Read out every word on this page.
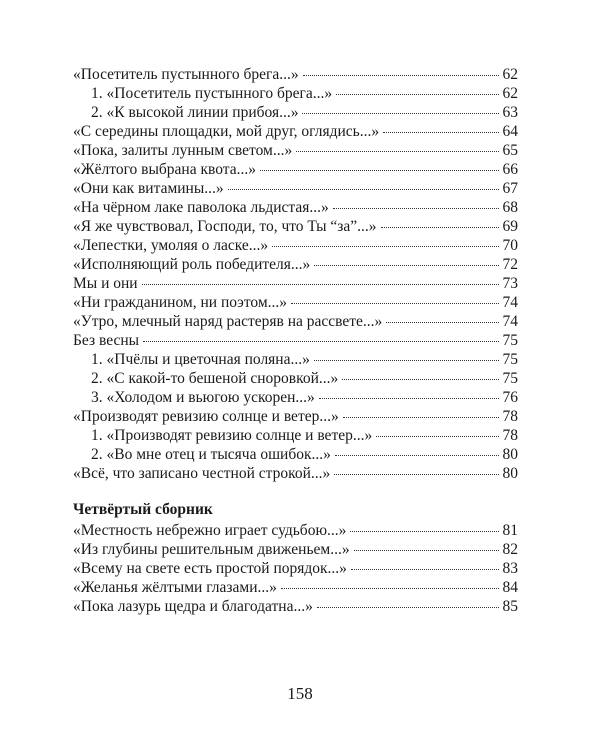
«Посетитель пустынного брега...»	62
1. «Посетитель пустынного брега...»	62
2. «К высокой линии прибоя...»	63
«С середины площадки, мой друг, оглядись...»	64
«Пока, залиты лунным светом...»	65
«Жёлтого выбрана квота...»	66
«Они как витамины...»	67
«На чёрном лаке паволока льдистая...»	68
«Я же чувствовал, Господи, то, что Ты “за”...»	69
«Лепестки, умоляя о ласке...»	70
«Исполняющий роль победителя...»	72
Мы и они	73
«Ни гражданином, ни поэтом...»	74
«Утро, млечный наряд растеряв на рассвете...»	74
Без весны	75
1. «Пчёлы и цветочная поляна...»	75
2. «С какой-то бешеной сноровкой...»	75
3. «Холодом и вьюгою ускорен...»	76
«Производят ревизию солнце и ветер...»	78
1. «Производят ревизию солнце и ветер...»	78
2. «Во мне отец и тысяча ошибок...»	80
«Всё, что записано честной строкой...»	80
Четвёртый сборник
«Местность небрежно играет судьбою...»	81
«Из глубины решительным движеньем...»	82
«Всему на свете есть простой порядок...»	83
«Желанья жёлтыми глазами...»	84
«Пока лазурь щедра и благодатна...»	85
158
